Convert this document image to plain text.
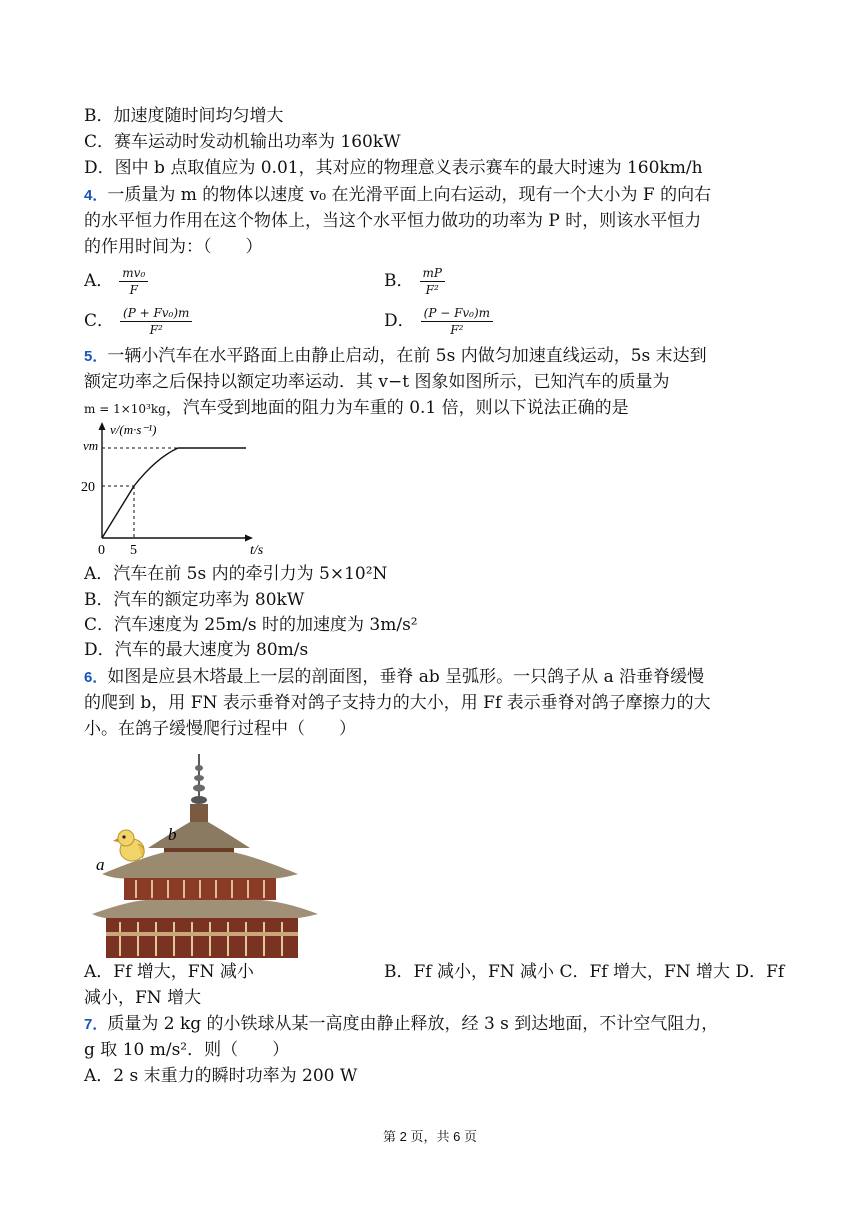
B．加速度随时间均匀增大
C．赛车运动时发动机输出功率为 160kW
D．图中 b 点取值应为 0.01，其对应的物理意义表示赛车的最大时速为 160km/h
4．一质量为 m 的物体以速度 v₀ 在光滑平面上向右运动，现有一个大小为 F 的向右
的水平恒力作用在这个物体上，当这个水平恒力做功的功率为 P 时，则该水平恒力
的作用时间为：（　　）
A． $\frac{\text{mv₀}}{F}$	B． $\frac{mP}{\text{F²}}$
C． $\frac{\text{(P + Fv₀)m}}{\text{F²}}$	D． $\frac{\text{(P − Fv₀)m}}{\text{F²}}$
5．一辆小汽车在水平路面上由静止启动，在前 5s 内做匀加速直线运动，5s 末达到
额定功率之后保持以额定功率运动．其 v−t 图象如图所示，已知汽车的质量为
m = 1×10³kg，汽车受到地面的阻力为车重的 0.1 倍，则以下说法正确的是
v/(m·s⁻¹)
vm
20
0 5	t/s
A．汽车在前 5s 内的牵引力为 5×10²N
B．汽车的额定功率为 80kW
C．汽车速度为 25m/s 时的加速度为 3m/s²
D．汽车的最大速度为 80m/s
6．如图是应县木塔最上一层的剖面图，垂脊 ab 呈弧形。一只鸽子从 a 沿垂脊缓慢
的爬到 b，用 FN 表示垂脊对鸽子支持力的大小，用 Ff 表示垂脊对鸽子摩擦力的大
小。在鸽子缓慢爬行过程中（　　）
a
b
A．Ff 增大，FN 减小	B．Ff 减小，FN 减小 C．Ff 增大，FN 增大 D．Ff
减小，FN 增大
7．质量为 2 kg 的小铁球从某一高度由静止释放，经 3 s 到达地面，不计空气阻力，
g 取 10 m/s²．则（　　）
A．2 s 末重力的瞬时功率为 200 W
第 2 页，共 6 页
